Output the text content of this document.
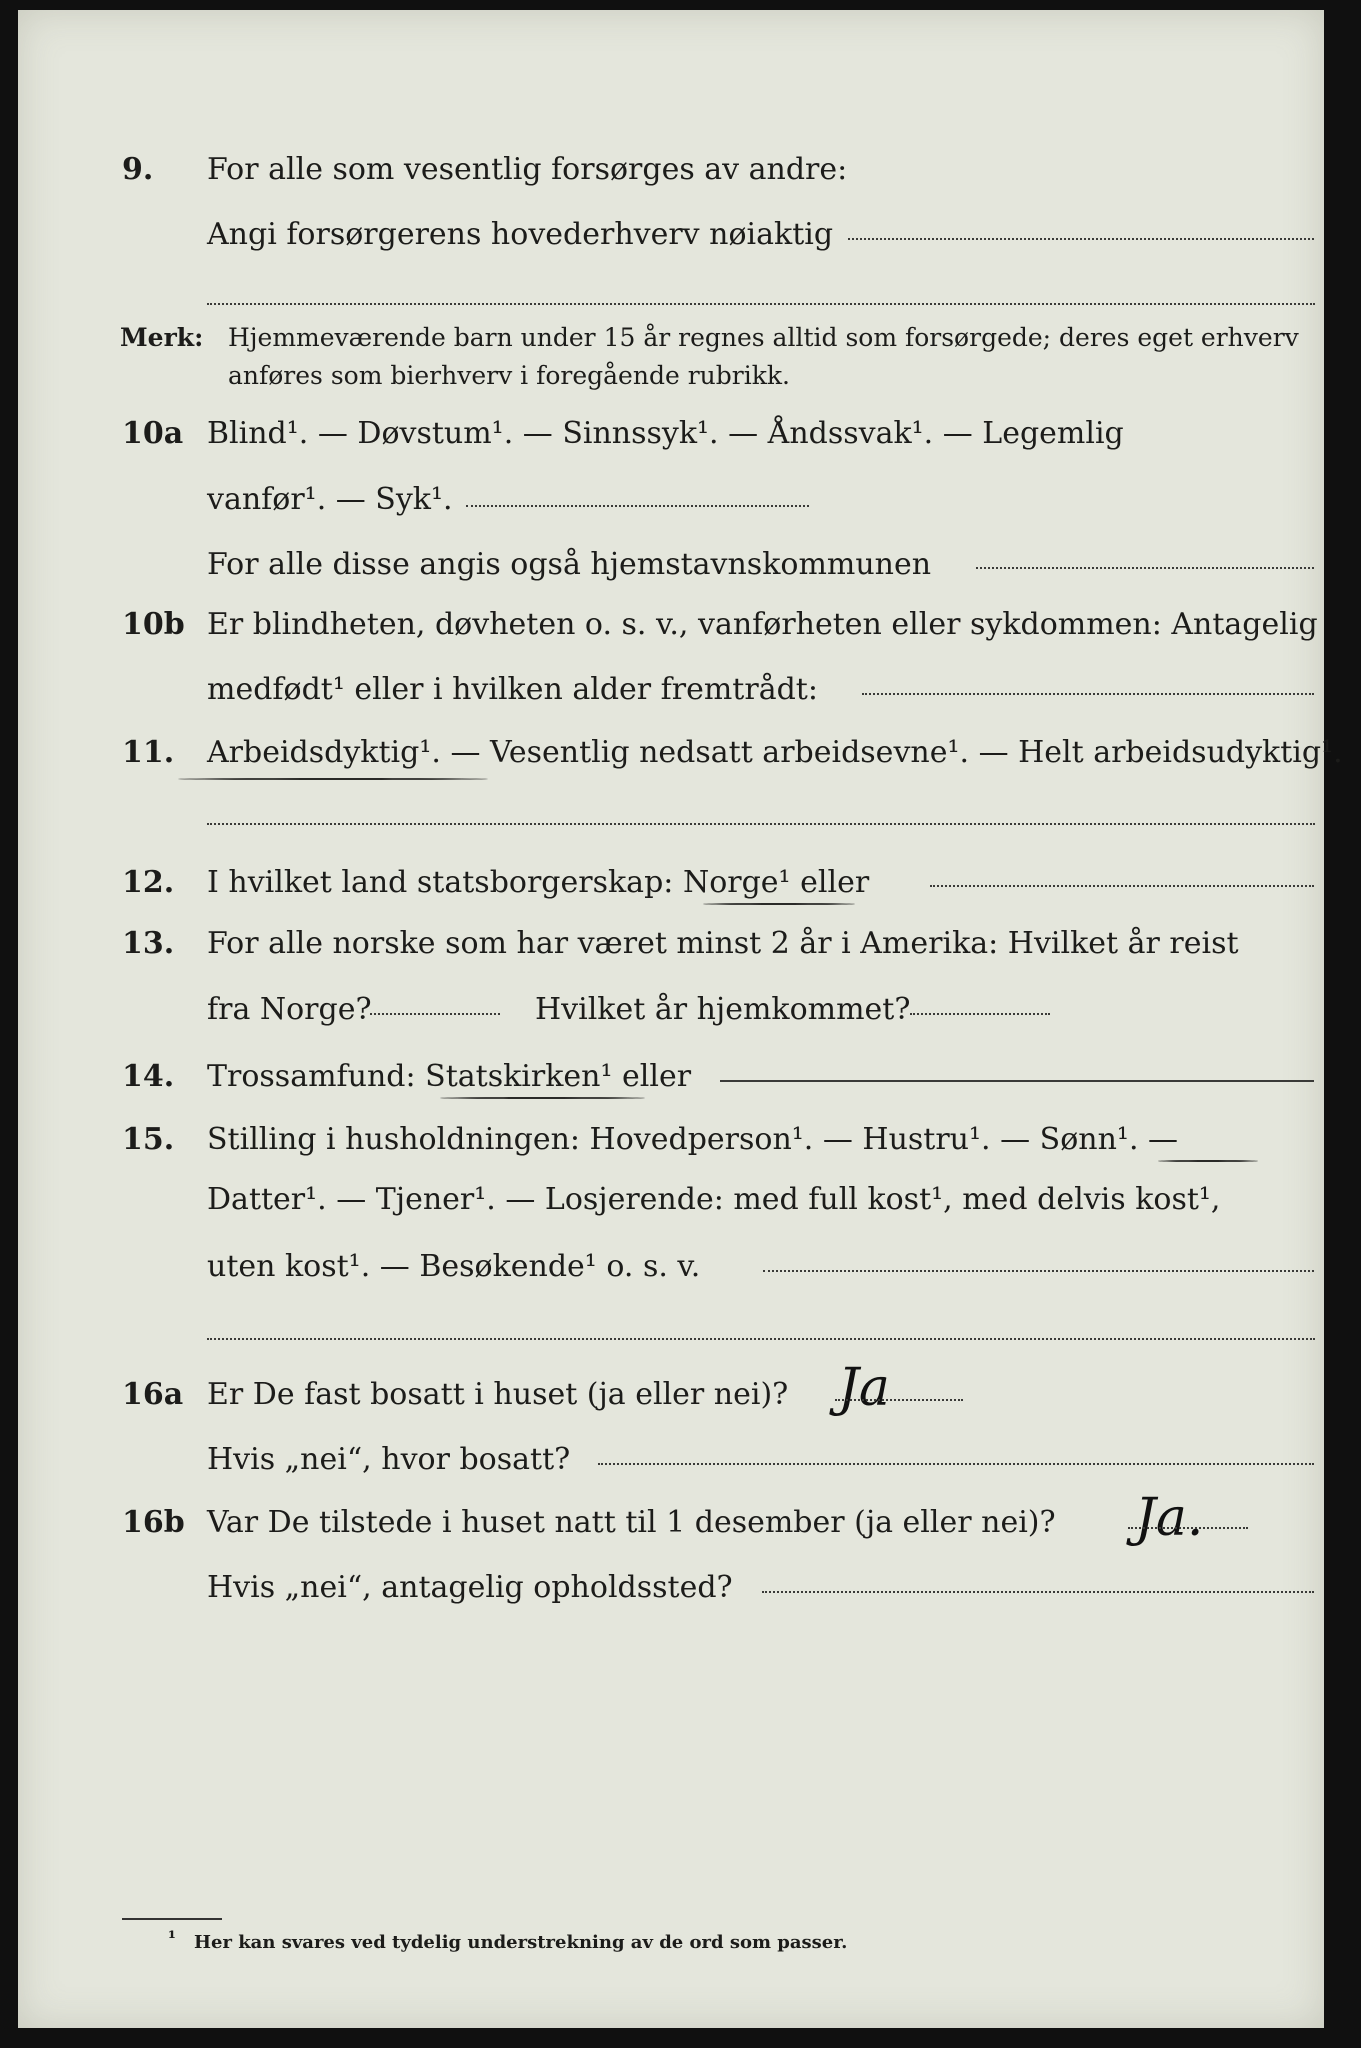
9. For alle som vesentlig forsørges av andre:
Angi forsørgerens hovederhverv nøiaktig
Merk: Hjemmeværende barn under 15 år regnes alltid som forsørgede; deres eget erhverv
anføres som bierhverv i foregående rubrikk.
10a Blind¹. — Døvstum¹. — Sinnssyk¹. — Åndssvak¹. — Legemlig
vanfør¹. — Syk¹.
For alle disse angis også hjemstavnskommunen
10b Er blindheten, døvheten o. s. v., vanførheten eller sykdommen: Antagelig
medfødt¹ eller i hvilken alder fremtrådt:
11. Arbeidsdyktig¹. — Vesentlig nedsatt arbeidsevne¹. — Helt arbeidsudyktig¹.
12. I hvilket land statsborgerskap: Norge¹ eller
13. For alle norske som har været minst 2 år i Amerika: Hvilket år reist
fra Norge?	Hvilket år hjemkommet?
14. Trossamfund: Statskirken¹ eller
15. Stilling i husholdningen: Hovedperson¹. — Hustru¹. — Sønn¹. —
Datter¹. — Tjener¹. — Losjerende: med full kost¹, med delvis kost¹,
uten kost¹. — Besøkende¹ o. s. v.
16a Er De fast bosatt i huset (ja eller nei)? Ja
Hvis „nei“, hvor bosatt?
16b Var De tilstede i huset natt til 1 desember (ja eller nei)? Ja.
Hvis „nei“, antagelig opholdssted?
¹ Her kan svares ved tydelig understrekning av de ord som passer.
